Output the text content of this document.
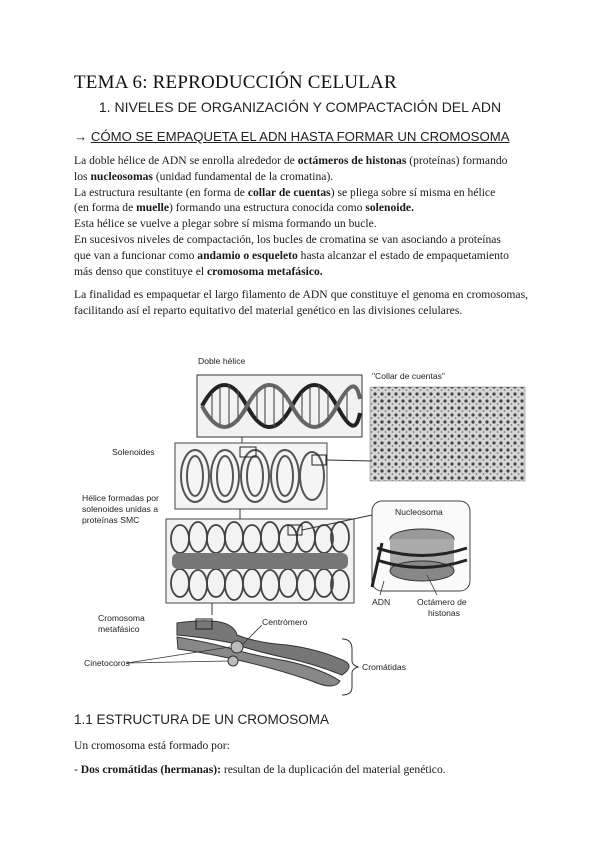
TEMA 6: REPRODUCCIÓN CELULAR
1. NIVELES DE ORGANIZACIÓN Y COMPACTACIÓN DEL ADN
→ CÓMO SE EMPAQUETA EL ADN HASTA FORMAR UN CROMOSOMA
La doble hélice de ADN se enrolla alrededor de octámeros de histonas (proteínas) formando
los nucleosomas (unidad fundamental de la cromatina).
La estructura resultante (en forma de collar de cuentas) se pliega sobre sí misma en hélice
(en forma de muelle) formando una estructura conocida como solenoide.
Esta hélice se vuelve a plegar sobre sí misma formando un bucle.
En sucesivos niveles de compactación, los bucles de cromatina se van asociando a proteínas
que van a funcionar como andamio o esqueleto hasta alcanzar el estado de empaquetamiento
más denso que constituye el cromosoma metafásico.
La finalidad es empaquetar el largo filamento de ADN que constituye el genoma en cromosomas, facilitando así el reparto equitativo del material genético en las divisiones celulares.
Doble hélice
"Collar de cuentas"
Solenoides
Hélice formadas por
solenoides unidas a
proteínas SMC
Nucleosoma
ADN	Octámero de
histonas
Cromosoma
metafásico
Centrómero
Cinetocoros	Cromátidas
1.1 ESTRUCTURA DE UN CROMOSOMA
Un cromosoma está formado por:
- Dos cromátidas (hermanas): resultan de la duplicación del material genético.
